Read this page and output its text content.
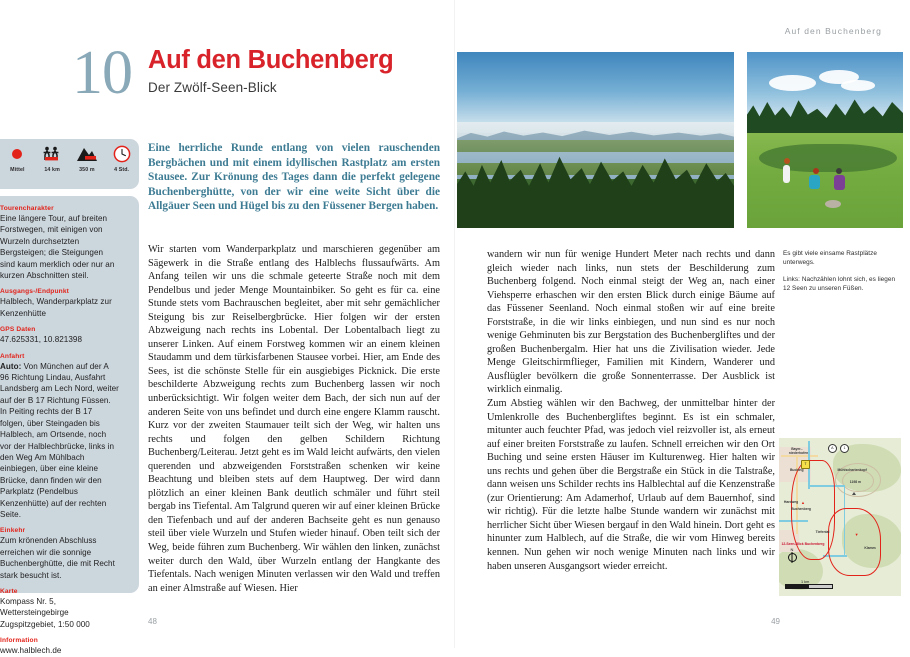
Auf den Buchenberg
10 Auf den Buchenberg
Der Zwölf-Seen-Blick
Mittel	14 km	350 m	4 Std.
Tourencharakter

Eine längere Tour, auf breiten Forstwegen, mit einigen von Wurzeln durchsetzten Bergsteigen; die Steigungen sind kaum merklich oder nur an kurzen Abschnitten steil.

Ausgangs-/Endpunkt

Halblech, Wanderparkplatz zur Kenzenhütte

GPS Daten

47.625331, 10.821398

Anfahrt

Auto: Von München auf der A 96 Richtung Lindau, Ausfahrt Landsberg am Lech Nord, weiter auf der B 17 Richtung Füssen. In Peiting rechts der B 17 folgen, über Steingaden bis Halblech, am Ortsende, noch vor der Halblechbrücke, links in den Weg Am Mühlbach einbiegen, über eine kleine Brücke, dann finden wir den Parkplatz (Pendelbus Kenzenhütte) auf der rechten Seite.

Einkehr

Zum krönenden Abschluss erreichen wir die sonnige Buchenberghütte, die mit Recht stark besucht ist.

Karte

Kompass Nr. 5, Wettersteingebirge Zugspitzgebiet, 1:50 000

Information

www.halblech.de

Eine herrliche Runde entlang von vielen rauschenden Bergbächen und mit einem idyllischen Rastplatz am ersten Stausee. Zur Krönung des Tages dann die perfekt gelegene Buchenberghütte, von der wir eine weite Sicht über die Allgäuer Seen und Hügel bis zu den Füssener Bergen haben.

Wir starten vom Wanderparkplatz und marschieren gegenüber am Sägewerk in die Straße entlang des Halblechs flussaufwärts. Am Anfang teilen wir uns die schmale geteerte Straße noch mit dem Pendelbus und jeder Menge Mountainbiker. So geht es für ca. eine Stunde stets vom Bachrauschen begleitet, aber mit sehr gemächlicher Steigung bis zur Reiselbergbrücke. Hier folgen wir der ersten Abzweigung nach rechts ins Lobental. Der Lobentalbach liegt zu unserer Linken. Auf einem Forstweg kommen wir an einem kleinen Staudamm und dem türkisfarbenen Stausee vorbei. Hier, am Ende des Sees, ist die schönste Stelle für ein ausgiebiges Picknick. Die erste beschilderte Abzweigung rechts zum Buchenberg lassen wir noch unberücksichtigt. Wir folgen weiter dem Bach, der sich nun auf der anderen Seite von uns befindet und durch eine engere Klamm rauscht. Kurz vor der zweiten Staumauer teilt sich der Weg, wir halten uns rechts und folgen den gelben Schildern Richtung Buchenberg/Leiterau. Jetzt geht es im Wald leicht aufwärts, den vielen querenden und abzweigenden Forststraßen schenken wir keine Beachtung und bleiben stets auf dem Hauptweg. Der wird dann plötzlich an einer kleinen Bank deutlich schmäler und führt steil bergab ins Tiefental. Am Talgrund queren wir auf einer kleinen Brücke den Tiefenbach und auf der anderen Bachseite geht es nun genauso steil über viele Wurzeln und Stufen wieder hinauf. Oben teilt sich der Weg, beide führen zum Buchenberg. Wir wählen den linken, zunächst weiter durch den Wald, über Wurzeln entlang der Hangkante des Tiefentals. Nach wenigen Minuten verlassen wir den Wald und treffen an einer Almstraße auf Wiesen. Hier

48

wandern wir nun für wenige Hundert Meter nach rechts und dann gleich wieder nach links, nun stets der Beschilderung zum Buchenberg folgend. Noch einmal steigt der Weg an, nach einer Viehsperre erhaschen wir den ersten Blick durch einige Bäume auf das Füssener Seenland. Noch einmal stoßen wir auf eine breite Forststraße, in die wir links einbiegen, und nun sind es nur noch wenige Gehminuten bis zur Bergstation des Buchenbergliftes und der großen Buchenbergalm. Hier hat uns die Zivilisation wieder. Jede Menge Gleitschirmflieger, Familien mit Kindern, Wanderer und Ausflügler bevölkern die große Sonnenterrasse. Der Ausblick ist wirklich einmalig.

Zum Abstieg wählen wir den Bachweg, der unmittelbar hinter der Umlenkrolle des Buchenbergliftes beginnt. Es ist ein schmaler, mitunter auch feuchter Pfad, was jedoch viel reizvoller ist, als erneut auf einer breiten Forststraße zu laufen. Schnell erreichen wir den Ort Buching und seine ersten Häuser im Kulturenweg. Hier halten wir uns rechts und gehen über die Bergstraße ein Stück in die Talstraße, dann weisen uns Schilder rechts ins Halblechtal auf die Kenzenstraße (zur Orientierung: Am Adamerhof, Urlaub auf dem Bauernhof, sind wir richtig). Für die letzte halbe Stunde wandern wir zunächst mit herrlicher Sicht über Wiesen bergauf in den Wald hinein. Dort geht es hinunter zum Halblech, auf die Straße, die wir vom Hinweg bereits kennen. Nun gehen wir noch wenige Minuten nach links und wir haben unseren Ausgangsort wieder erreicht.

Es gibt viele einsame Rastplätze unterwegs.
Links: Nachzählen lohnt sich, es liegen 12 Seen zu unseren Füßen.
▲
▼
A	1
T
Bayer.-
niederhofen
Buching	Mühlschartenkopf
1198 m
Hardweg
Buchenberg
Tiefental
Klamm
12-Seen-Blick Buchenberg
N
1 km
49
